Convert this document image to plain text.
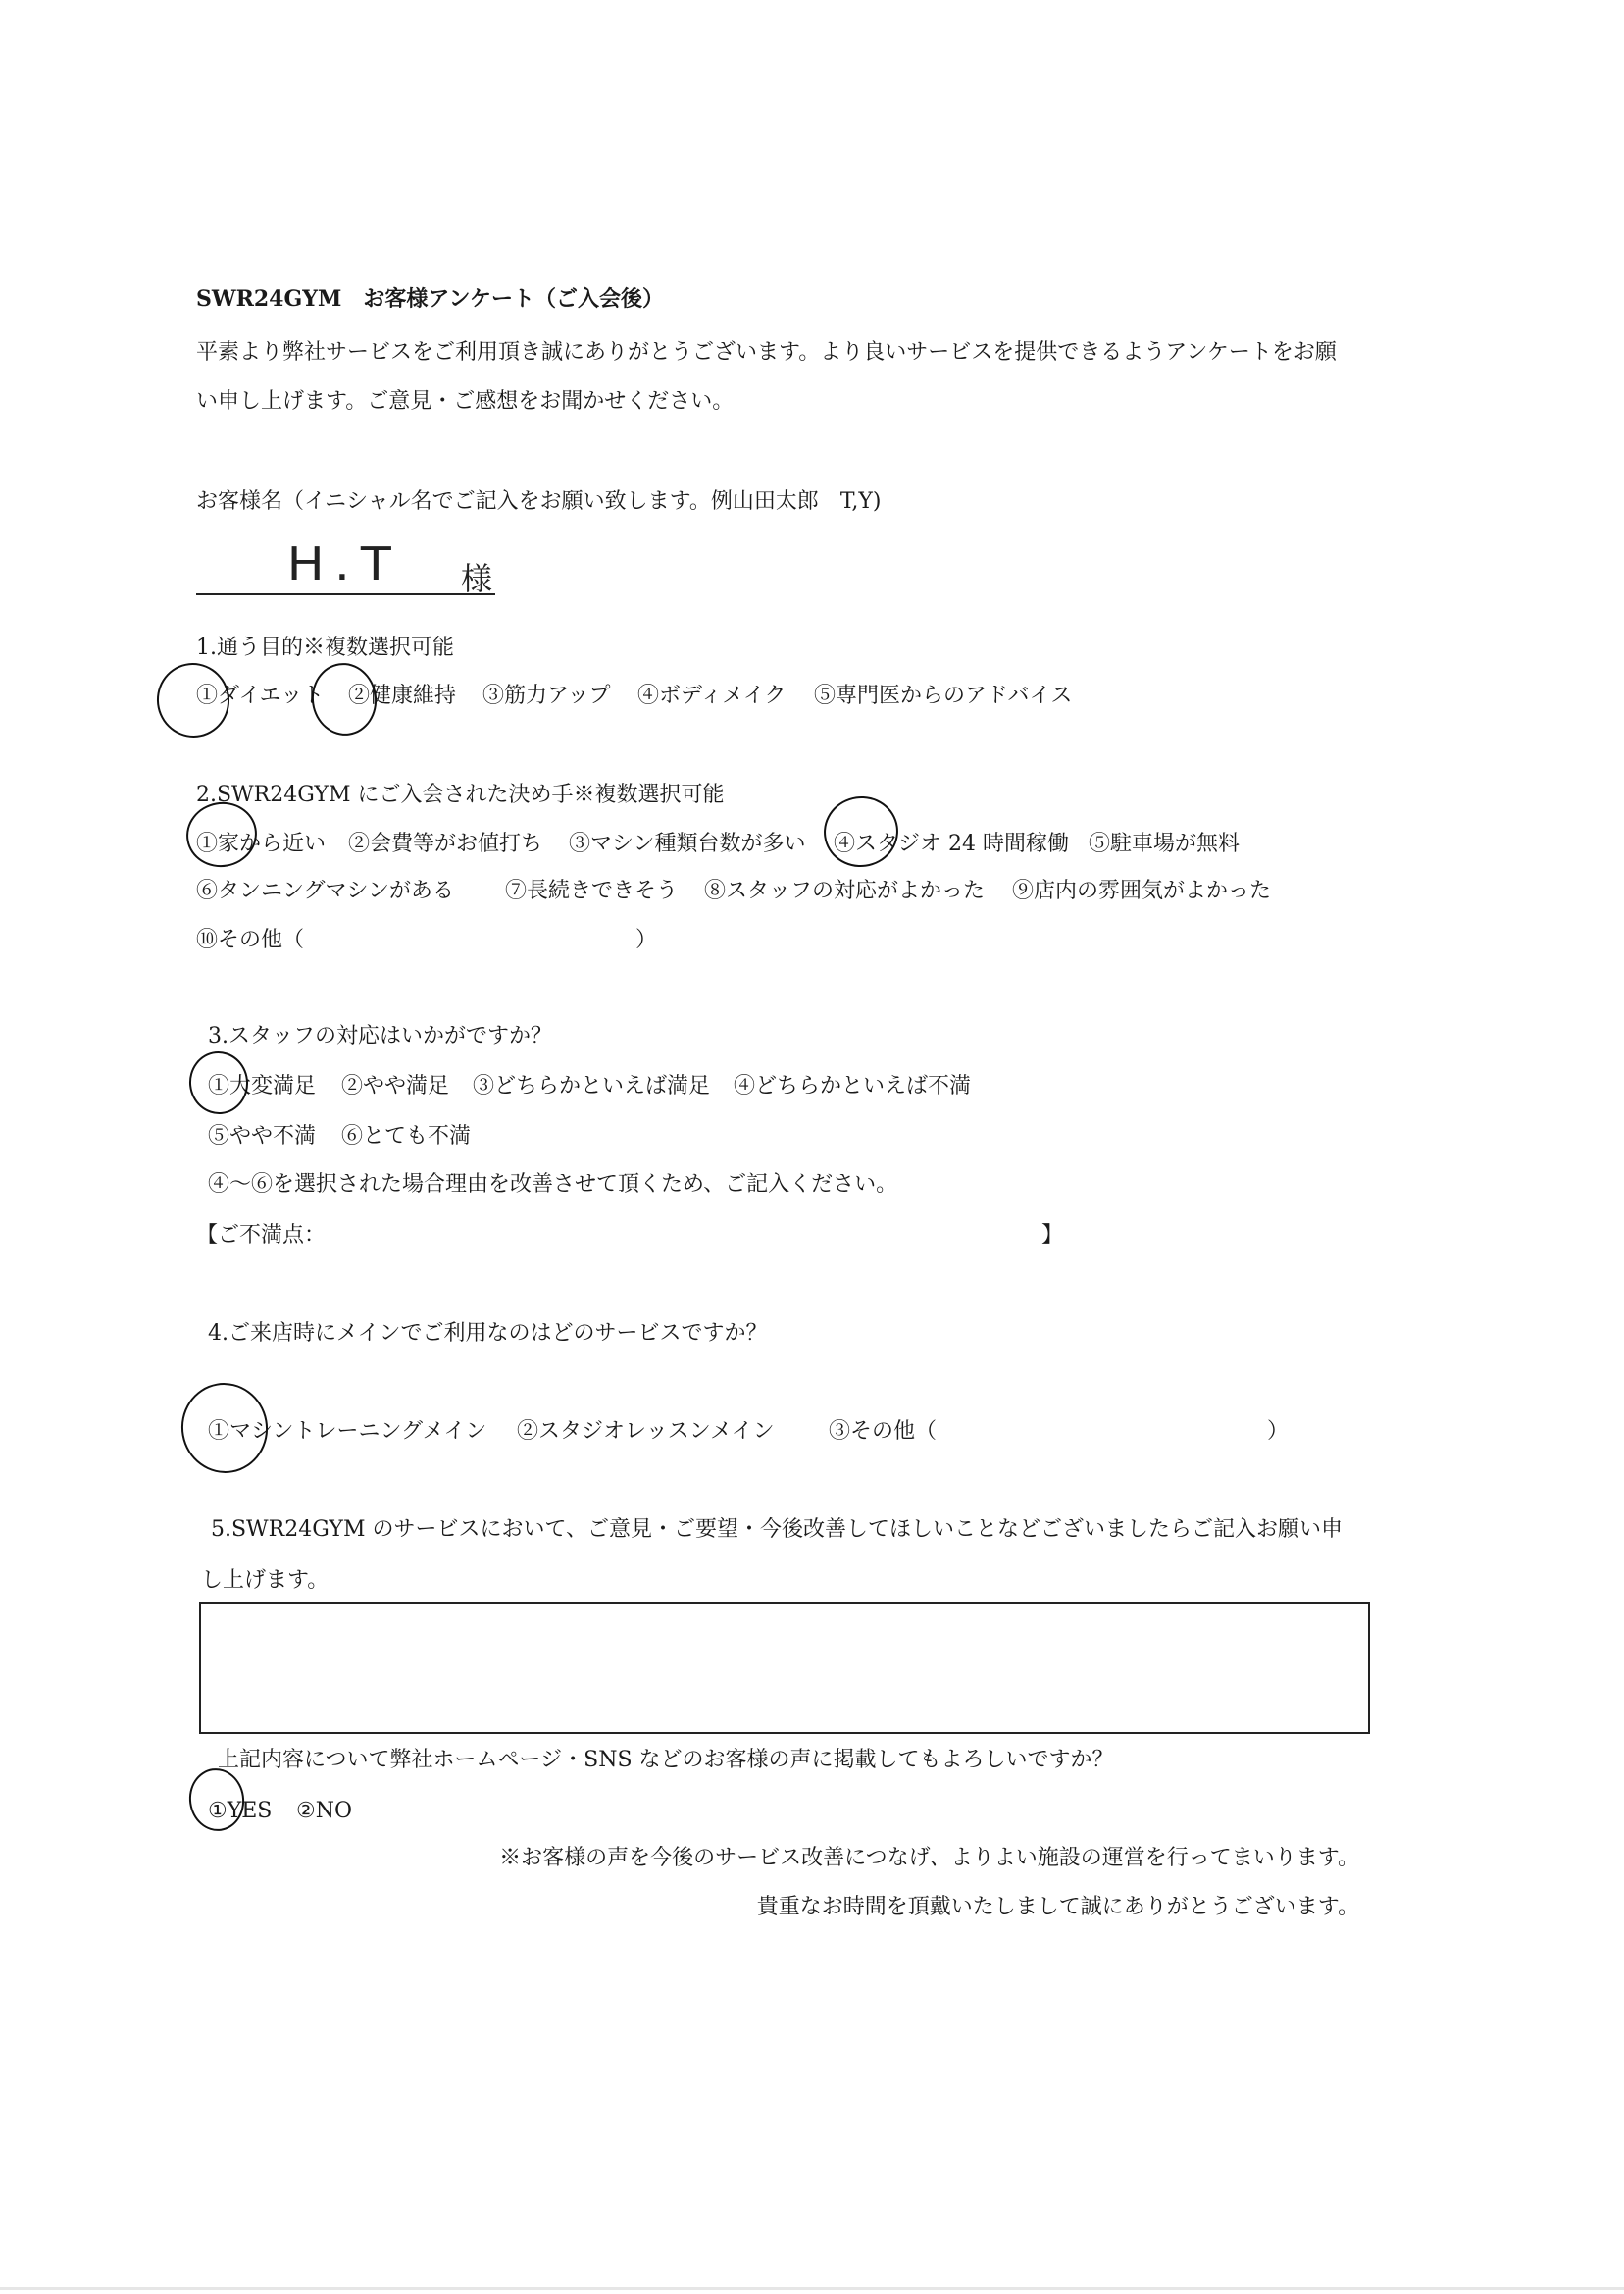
SWR24GYM　お客様アンケート（ご入会後）
平素より弊社サービスをご利用頂き誠にありがとうございます。より良いサービスを提供できるようアンケートをお願
い申し上げます。ご意見・ご感想をお聞かせください。
お客様名（イニシャル名でご記入をお願い致します。例山田太郎　T,Y)
H.T 様
1.通う目的※複数選択可能
①ダイエット ②健康維持 ③筋力アップ ④ボディメイク ⑤専門医からのアドバイス
2.SWR24GYM にご入会された決め手※複数選択可能
①家から近い ②会費等がお値打ち ③マシン種類台数が多い ④スタジオ 24 時間稼働 ⑤駐車場が無料
⑥タンニングマシンがある ⑦長続きできそう ⑧スタッフの対応がよかった ⑨店内の雰囲気がよかった
⑩その他（	）
3.スタッフの対応はいかがですか？
①大変満足 ②やや満足 ③どちらかといえば満足 ④どちらかといえば不満
⑤やや不満 ⑥とても不満
④～⑥を選択された場合理由を改善させて頂くため、ご記入ください。
【ご不満点：	】
4.ご来店時にメインでご利用なのはどのサービスですか？
①マシントレーニングメイン ②スタジオレッスンメイン	③その他（	）
5.SWR24GYM のサービスにおいて、ご意見・ご要望・今後改善してほしいことなどございましたらご記入お願い申
し上げます。
上記内容について弊社ホームページ・SNS などのお客様の声に掲載してもよろしいですか？
①YES ②NO
※お客様の声を今後のサービス改善につなげ、よりよい施設の運営を行ってまいります。
貴重なお時間を頂戴いたしまして誠にありがとうございます。
